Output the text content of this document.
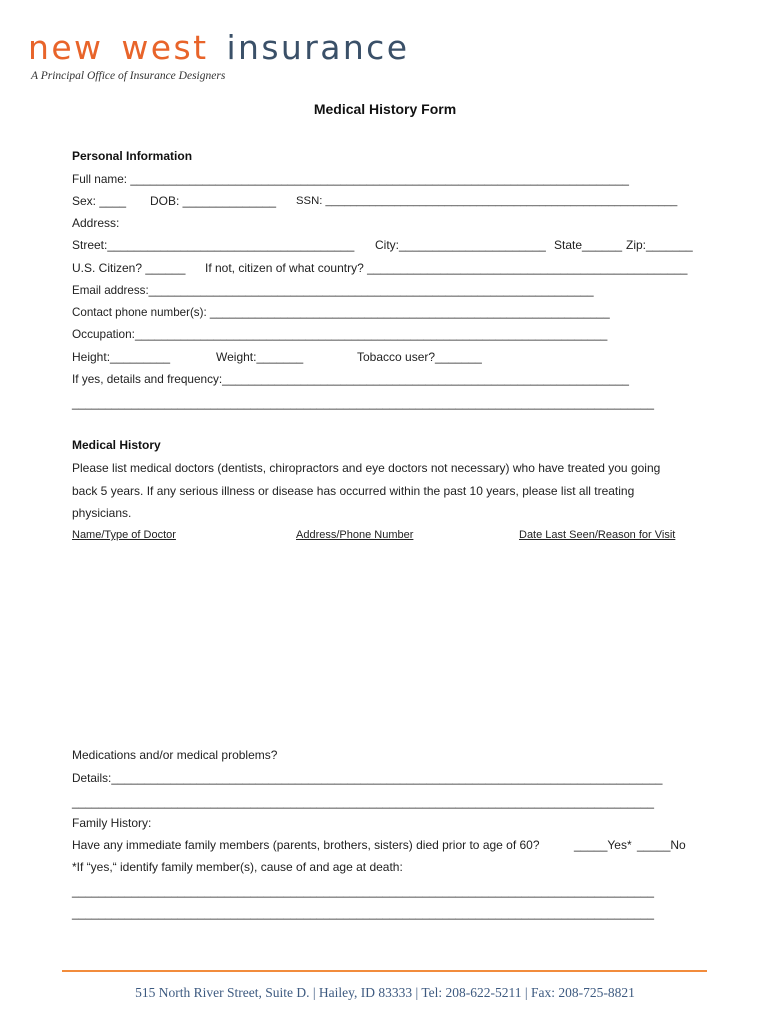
new west insurance
A Principal Office of Insurance Designers
Medical History Form
Personal Information
Full name: ____________________________________________________________________________
Sex: ____ DOB: ______________ SSN: ________________________________________________________
Address:
Street:_____________________________________ City:______________________ State______ Zip:_______
U.S. Citizen? ______ If not, citizen of what country? ________________________________________________
Email address:_____________________________________________________________________
Contact phone number(s): ______________________________________________________________
Occupation:________________________________________________________________________
Height:_________	Weight:_______	Tobacco user?_______
If yes, details and frequency:______________________________________________________________
________________________________________________________________________________________
Medical History
Please list medical doctors (dentists, chiropractors and eye doctors not necessary) who have treated you going
back 5 years. If any serious illness or disease has occurred within the past 10 years, please list all treating
physicians.
Name/Type of Doctor	Address/Phone Number	Date Last Seen/Reason for Visit
Medications and/or medical problems?
Details:____________________________________________________________________________________
________________________________________________________________________________________
Family History:
Have any immediate family members (parents, brothers, sisters) died prior to age of 60?	_____Yes* _____No
*If “yes,“ identify family member(s), cause of and age at death:
________________________________________________________________________________________
________________________________________________________________________________________
515 North River Street, Suite D. | Hailey, ID 83333 | Tel: 208-622-5211 | Fax: 208-725-8821
